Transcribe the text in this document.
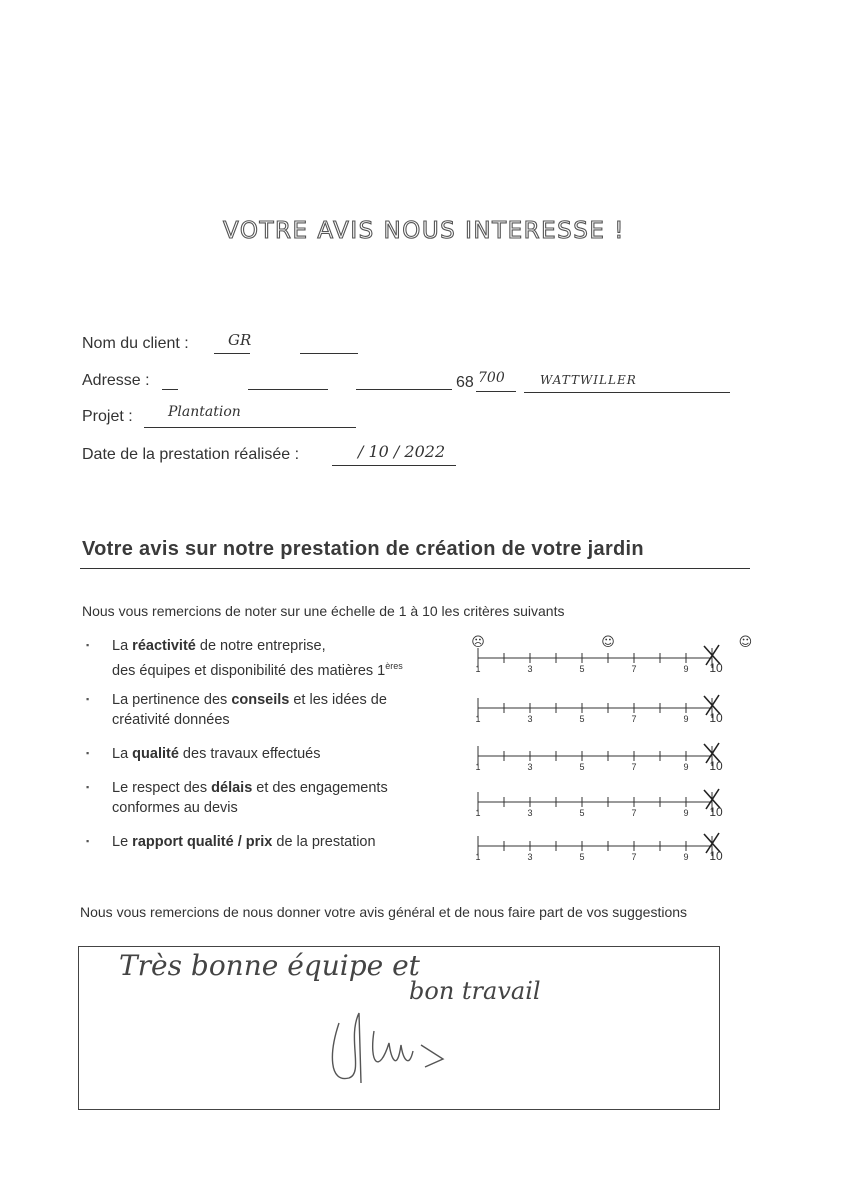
VOTRE AVIS NOUS INTERESSE !
Nom du client :	GR
Adresse :	68 700	WATTWILLER
Projet :	Plantation
Date de la prestation réalisée :	/ 10 / 2022
Votre avis sur notre prestation de création de votre jardin
Nous vous remercions de noter sur une échelle de 1 à 10 les critères suivants
▪ La réactivité de notre entreprise,
des équipes et disponibilité des matières 1ères	1	3	5	7	9 10
☹	☺	☺
▪ La pertinence des conseils et les idées de
créativité données	1	3	5	7	9 10
▪ La qualité des travaux effectués
1	3	5	7	9 10
▪ Le respect des délais et des engagements
conformes au devis	1	3	5	7	9 10
▪ Le rapport qualité / prix de la prestation
1	3	5	7	9 10
Nous vous remercions de nous donner votre avis général et de nous faire part de vos suggestions
Très bonne équipe et
bon travail
